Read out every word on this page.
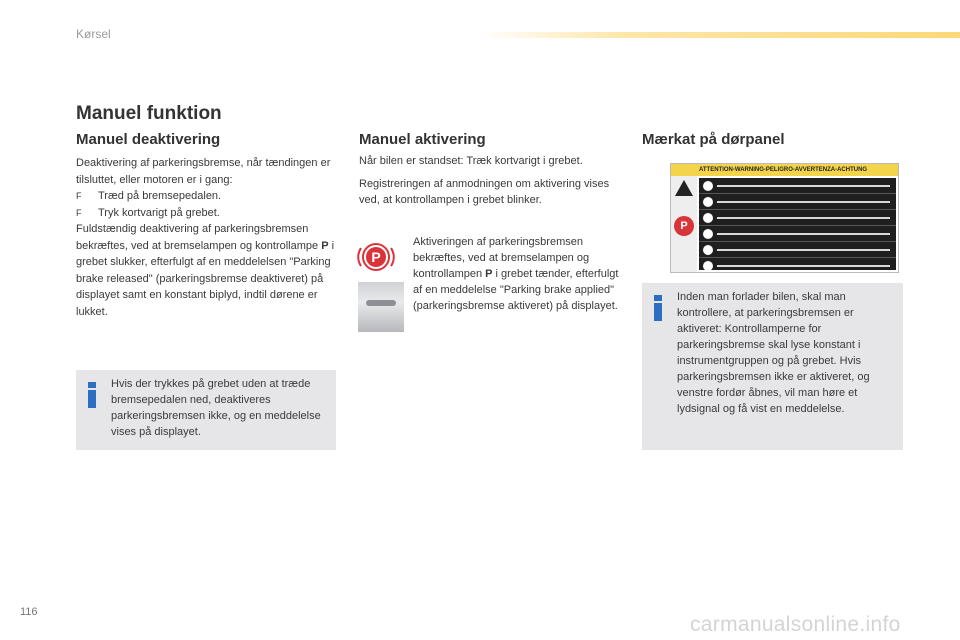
Kørsel
Manuel funktion
Manuel deaktivering
Deaktivering af parkeringsbremse, når tændingen er tilsluttet, eller motoren er i gang:
F Træd på bremsepedalen.
F Tryk kortvarigt på grebet.
Fuldstændig deaktivering af parkeringsbremsen bekræftes, ved at bremselampen og kontrollampe P i grebet slukker, efterfulgt af en meddelelsen "Parking brake released" (parkeringsbremse deaktiveret) på displayet samt en konstant biplyd, indtil dørene er lukket.
Hvis der trykkes på grebet uden at træde bremsepedalen ned, deaktiveres parkeringsbremsen ikke, og en meddelelse vises på displayet.
Manuel aktivering

Når bilen er standset: Træk kortvarigt i grebet.

Registreringen af anmodningen om aktivering vises ved, at kontrollampen i grebet blinker.

P
Aktiveringen af parkeringsbremsen bekræftes, ved at bremselampen og kontrollampen P i grebet tænder, efterfulgt af en meddelelse "Parking brake applied" (parkeringsbremse aktiveret) på displayet.
Mærkat på dørpanel
ATTENTION-WARNING-PELIGRO-AVVERTENZA-ACHTUNG
P
Inden man forlader bilen, skal man kontrollere, at parkeringsbremsen er aktiveret: Kontrollamperne for parkeringsbremse skal lyse konstant i instrumentgruppen og på grebet. Hvis parkeringsbremsen ikke er aktiveret, og venstre fordør åbnes, vil man høre et lydsignal og få vist en meddelelse.
116
carmanualsonline.info
